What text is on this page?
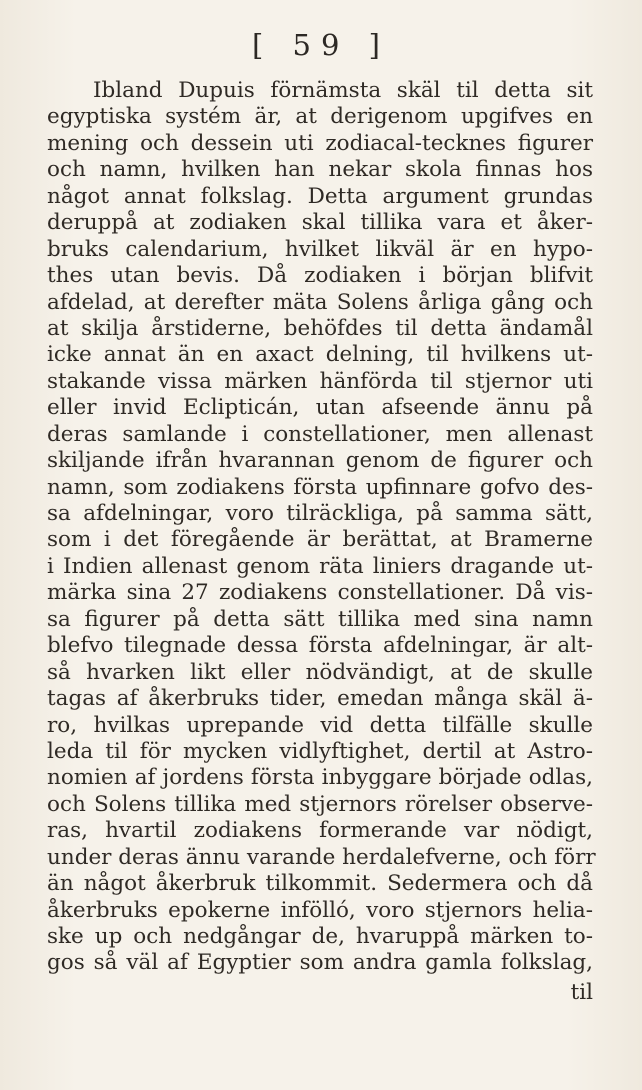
[ 59 ]
Ibland Dupuis förnämsta skäl til detta sit
egyptiska systém är, at derigenom upgifves en
mening och dessein uti zodiacal-tecknes figurer
och namn, hvilken han nekar skola finnas hos
något annat folkslag. Detta argument grundas
deruppå at zodiaken skal tillika vara et åker-
bruks calendarium, hvilket likväl är en hypo-
thes utan bevis. Då zodiaken i början blifvit
afdelad, at derefter mäta Solens årliga gång och
at skilja årstiderne, behöfdes til detta ändamål
icke annat än en axact delning, til hvilkens ut-
stakande vissa märken hänförda til stjernor uti
eller invid Eclipticán, utan afseende ännu på
deras samlande i constellationer, men allenast
skiljande ifrån hvarannan genom de figurer och
namn, som zodiakens första upfinnare gofvo des-
sa afdelningar, voro tilräckliga, på samma sätt,
som i det föregående är berättat, at Bramerne
i Indien allenast genom räta liniers dragande ut-
märka sina 27 zodiakens constellationer. Då vis-
sa figurer på detta sätt tillika med sina namn
blefvo tilegnade dessa första afdelningar, är alt-
så hvarken likt eller nödvändigt, at de skulle
tagas af åkerbruks tider, emedan många skäl ä-
ro, hvilkas uprepande vid detta tilfälle skulle
leda til för mycken vidlyftighet, dertil at Astro-
nomien af jordens första inbyggare började odlas,
och Solens tillika med stjernors rörelser observe-
ras, hvartil zodiakens formerande var nödigt,
under deras ännu varande herdalefverne, och förr
än något åkerbruk tilkommit. Sedermera och då
åkerbruks epokerne infölló, voro stjernors helia-
ske up och nedgångar de, hvaruppå märken to-
gos så väl af Egyptier som andra gamla folkslag,
til
